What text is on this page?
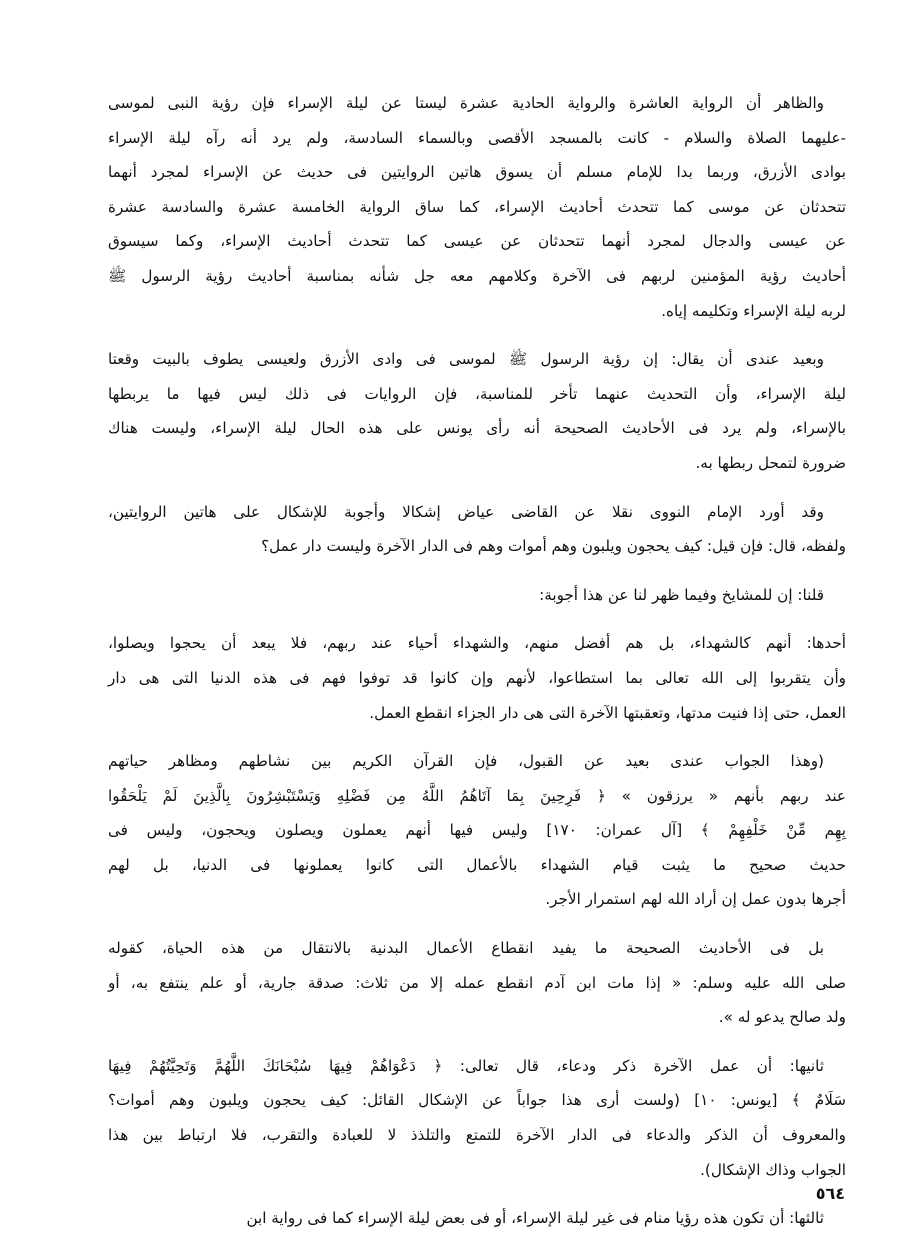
والظاهر أن الرواية العاشرة والرواية الحادية عشرة ليستا عن ليلة الإسراء فإن رؤية النبى لموسى
-عليهما الصلاة والسلام - كانت بالمسجد الأقصى وبالسماء السادسة، ولم يرد أنه رآه ليلة الإسراء
بوادى الأزرق، وربما بدا للإمام مسلم أن يسوق هاتين الروايتين فى حديث عن الإسراء لمجرد أنهما
تتحدثان عن موسى كما تتحدث أحاديث الإسراء، كما ساق الرواية الخامسة عشرة والسادسة عشرة
عن عيسى والدجال لمجرد أنهما تتحدثان عن عيسى كما تتحدث أحاديث الإسراء، وكما سيسوق
أحاديث رؤية المؤمنين لربهم فى الآخرة وكلامهم معه جل شأنه بمناسبة أحاديث رؤية الرسول ﷺ
لربه ليلة الإسراء وتكليمه إياه.

وبعيد عندى أن يقال: إن رؤية الرسول ﷺ لموسى فى وادى الأزرق ولعيسى يطوف بالبيت وقعتا
ليلة الإسراء، وأن التحديث عنهما تأخر للمناسبة، فإن الروايات فى ذلك ليس فيها ما يربطها
بالإسراء، ولم يرد فى الأحاديث الصحيحة أنه رأى يونس على هذه الحال ليلة الإسراء، وليست هناك
ضرورة لتمحل ربطها به.

وقد أورد الإمام النووى نقلا عن القاضى عياض إشكالا وأجوبة للإشكال على هاتين الروايتين،
ولفظه، قال: فإن قيل: كيف يحجون ويلبون وهم أموات وهم فى الدار الآخرة وليست دار عمل؟

قلنا: إن للمشايخ وفيما ظهر لنا عن هذا أجوبة:

أحدها: أنهم كالشهداء، بل هم أفضل منهم، والشهداء أحياء عند ربهم، فلا يبعد أن يحجوا ويصلوا،
وأن يتقربوا إلى الله تعالى بما استطاعوا، لأنهم وإن كانوا قد توفوا فهم فى هذه الدنيا التى هى دار
العمل، حتى إذا فنيت مدتها، وتعقبتها الآخرة التى هى دار الجزاء انقطع العمل.

(وهذا الجواب عندى بعيد عن القبول، فإن القرآن الكريم بين نشاطهم ومظاهر حياتهم
عند ربهم بأنهم « يرزقون » ﴿ فَرِحِينَ بِمَا آتَاهُمُ اللَّهُ مِن فَضْلِهِ وَيَسْتَبْشِرُونَ بِالَّذِينَ لَمْ يَلْحَقُوا
بِهِم مِّنْ خَلْفِهِمْ ﴾ [آل عمران: ١٧٠] وليس فيها أنهم يعملون ويصلون ويحجون، وليس فى
حديث صحيح ما يثبت قيام الشهداء بالأعمال التى كانوا يعملونها فى الدنيا، بل لهم
أجرها بدون عمل إن أراد الله لهم استمرار الأجر.

بل فى الأحاديث الصحيحة ما يفيد انقطاع الأعمال البدنية بالانتقال من هذه الحياة، كقوله
صلى الله عليه وسلم: « إذا مات ابن آدم انقطع عمله إلا من ثلاث: صدقة جارية، أو علم ينتفع به، أو
ولد صالح يدعو له ».

ثانيها: أن عمل الآخرة ذكر ودعاء، قال تعالى: ﴿ دَعْوَاهُمْ فِيهَا سُبْحَانَكَ اللَّهُمَّ وَتَحِيَّتُهُمْ فِيهَا
سَلَامٌ ﴾ [يونس: ١٠] (ولست أرى هذا جواباً عن الإشكال القائل: كيف يحجون ويلبون وهم أموات؟
والمعروف أن الذكر والدعاء فى الدار الآخرة للتمتع والتلذذ لا للعبادة والتقرب، فلا ارتباط بين هذا
الجواب وذاك الإشكال).

ثالثها: أن تكون هذه رؤيا منام فى غير ليلة الإسراء، أو فى بعض ليلة الإسراء كما فى رواية ابن

٥٦٤
